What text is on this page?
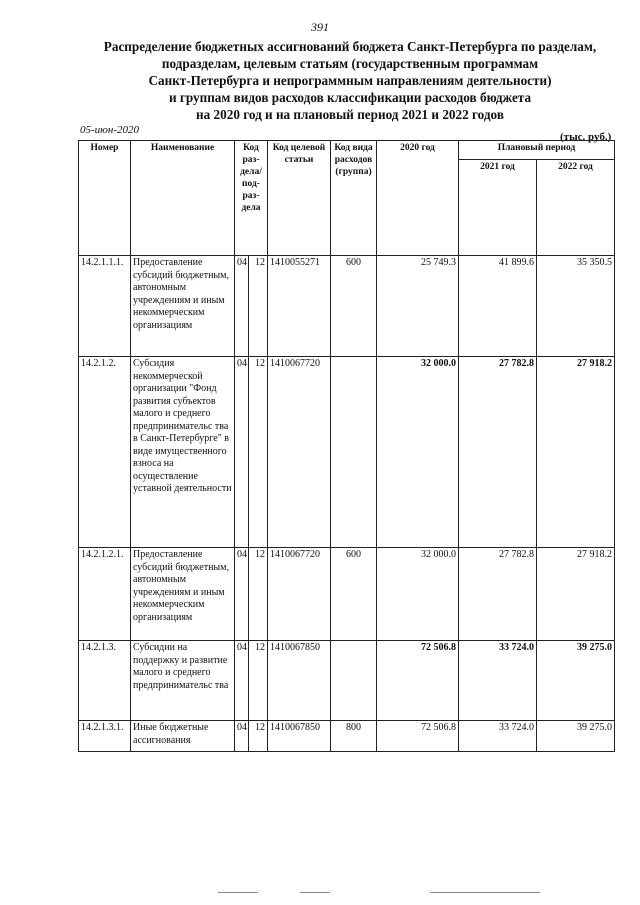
391
Распределение бюджетных ассигнований бюджета Санкт-Петербурга по разделам,
подразделам, целевым статьям (государственным программам
Санкт-Петербурга и непрограммным направлениям деятельности)
и группам видов расходов классификации расходов бюджета
на 2020 год и на плановый период 2021 и 2022 годов
05-июн-2020
(тыс. руб.)
Номер	Наименование	Код раз-дела/под-раз-дела		Код целевой статьи	Код вида расходов (группа)	2020 год	Плановый период	
							2021 год	2022 год
14.2.1.1.1.	Предоставление субсидий бюджетным, автономным учреждениям и иным некоммерческим организациям	04	12	1410055271	600	25 749.3	41 899.6	35 350.5
14.2.1.2.	Субсидия некоммерческой организации "Фонд развития субъектов малого и среднего предпринимательс тва в Санкт-Петербурге" в виде имущественного взноса на осуществление уставной деятельности	04	12	1410067720		32 000.0	27 782.8	27 918.2
14.2.1.2.1.	Предоставление субсидий бюджетным, автономным учреждениям и иным некоммерческим организациям	04	12	1410067720	600	32 000.0	27 782.8	27 918.2
14.2.1.3.	Субсидии на поддержку и развитие малого и среднего предпринимательс тва	04	12	1410067850		72 506.8	33 724.0	39 275.0
14.2.1.3.1.	Иные бюджетные ассигнования	04	12	1410067850	800	72 506.8	33 724.0	39 275.0
